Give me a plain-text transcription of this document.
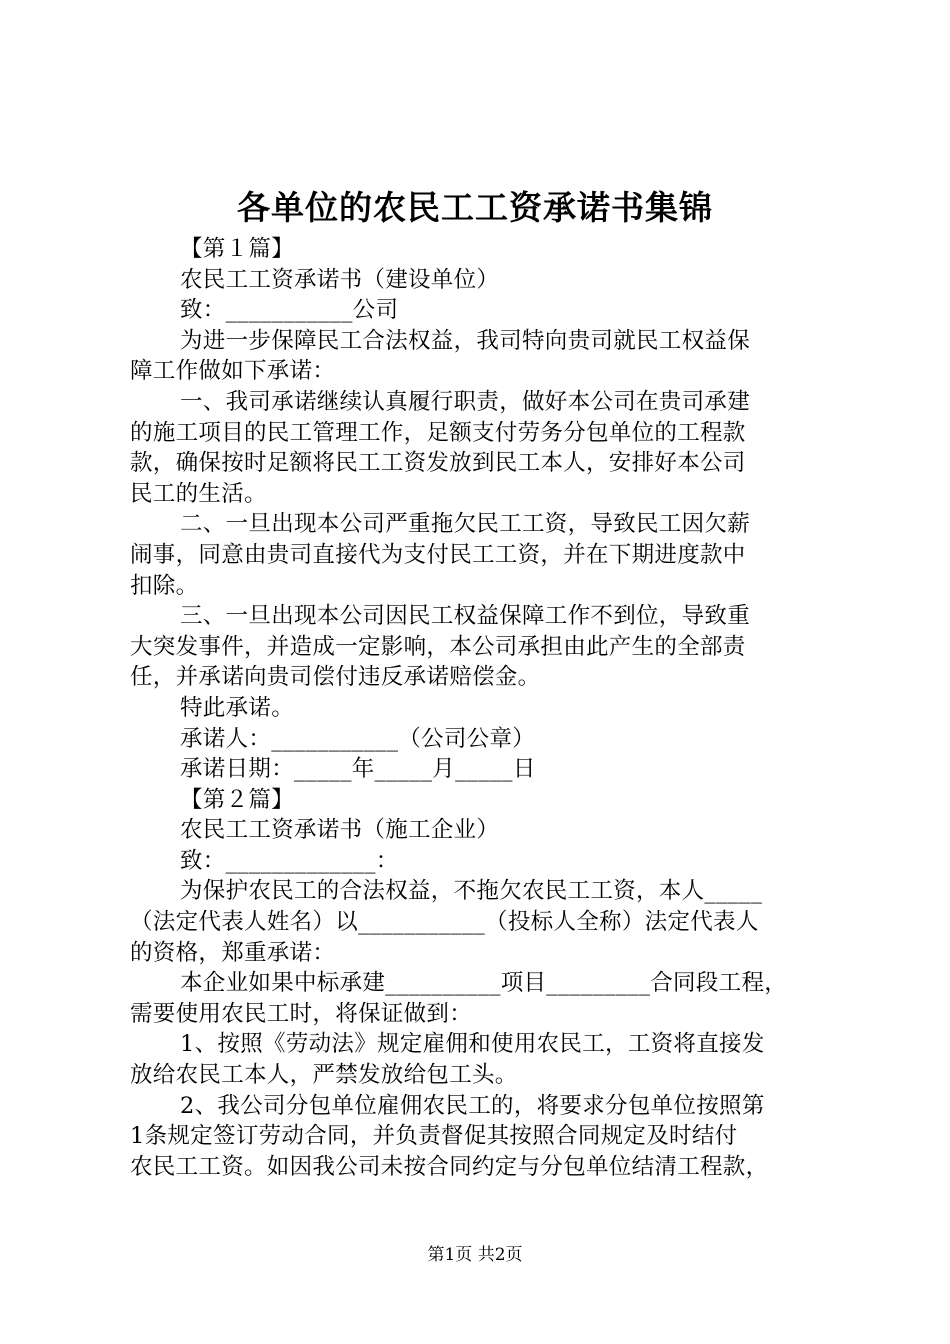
各单位的农民工工资承诺书集锦

【第１篇】

农民工工资承诺书（建设单位）

致：___________公司

为进一步保障民工合法权益，我司特向贵司就民工权益保

障工作做如下承诺：

一、我司承诺继续认真履行职责，做好本公司在贵司承建

的施工项目的民工管理工作，足额支付劳务分包单位的工程款

款，确保按时足额将民工工资发放到民工本人，安排好本公司

民工的生活。

二、一旦出现本公司严重拖欠民工工资，导致民工因欠薪

闹事，同意由贵司直接代为支付民工工资，并在下期进度款中

扣除。

三、一旦出现本公司因民工权益保障工作不到位，导致重

大突发事件，并造成一定影响，本公司承担由此产生的全部责

任，并承诺向贵司偿付违反承诺赔偿金。

特此承诺。

承诺人：___________（公司公章）

承诺日期：_____年_____月_____日

【第２篇】

农民工工资承诺书（施工企业）

致：_____________：

为保护农民工的合法权益，不拖欠农民工工资，本人_____

（法定代表人姓名）以___________（投标人全称）法定代表人

的资格，郑重承诺：

本企业如果中标承建__________项目_________合同段工程，

需要使用农民工时，将保证做到：

1、按照《劳动法》规定雇佣和使用农民工，工资将直接发

放给农民工本人，严禁发放给包工头。

2、我公司分包单位雇佣农民工的，将要求分包单位按照第

1条规定签订劳动合同，并负责督促其按照合同规定及时结付

农民工工资。如因我公司未按合同约定与分包单位结清工程款，

第1页 共2页
